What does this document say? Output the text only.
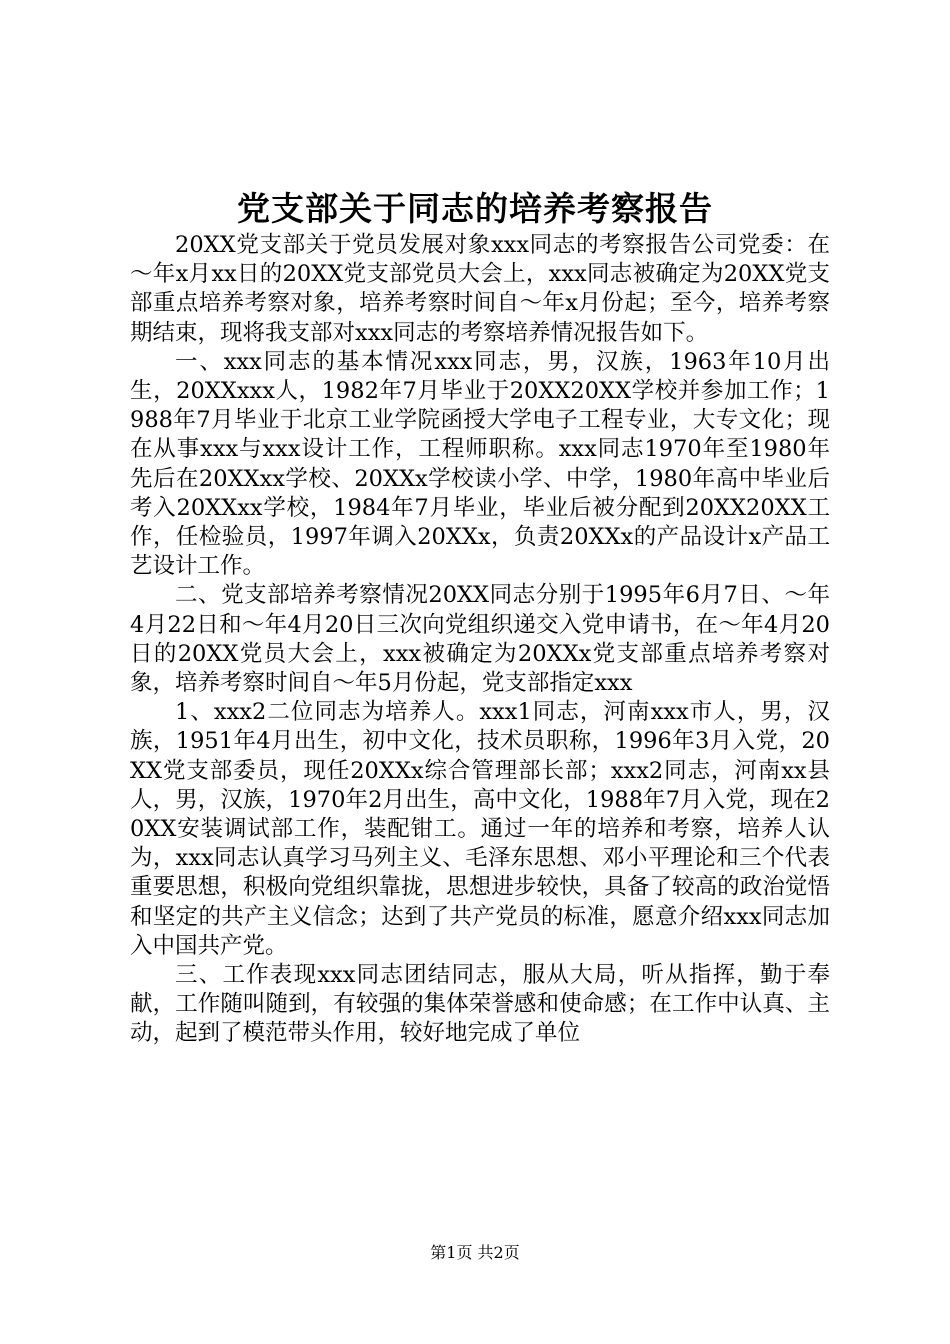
党支部关于同志的培养考察报告

20XX党支部关于党员发展对象xxx同志的考察报告公司党委：在～年x月xx日的20XX党支部党员大会上，xxx同志被确定为20XX党支部重点培养考察对象，培养考察时间自～年x月份起；至今，培养考察期结束，现将我支部对xxx同志的考察培养情况报告如下。

一、xxx同志的基本情况xxx同志，男，汉族，1963年10月出生，20XXxxx人，1982年7月毕业于20XX20XX学校并参加工作；1988年7月毕业于北京工业学院函授大学电子工程专业，大专文化；现在从事xxx与xxx设计工作，工程师职称。xxx同志1970年至1980年先后在20XXxx学校、20XXx学校读小学、中学，1980年高中毕业后考入20XXxx学校，1984年7月毕业，毕业后被分配到20XX20XX工作，任检验员，1997年调入20XXx，负责20XXx的产品设计x产品工艺设计工作。

二、党支部培养考察情况20XX同志分别于1995年6月7日、～年4月22日和～年4月20日三次向党组织递交入党申请书，在～年4月20日的20XX党员大会上，xxx被确定为20XXx党支部重点培养考察对象，培养考察时间自～年5月份起，党支部指定xxx

1、xxx2二位同志为培养人。xxx1同志，河南xxx市人，男，汉族，1951年4月出生，初中文化，技术员职称，1996年3月入党，20XX党支部委员，现任20XXx综合管理部长部；xxx2同志，河南xx县人，男，汉族，1970年2月出生，高中文化，1988年7月入党，现在20XX安装调试部工作，装配钳工。通过一年的培养和考察，培养人认为，xxx同志认真学习马列主义、毛泽东思想、邓小平理论和三个代表重要思想，积极向党组织靠拢，思想进步较快，具备了较高的政治觉悟和坚定的共产主义信念；达到了共产党员的标准，愿意介绍xxx同志加入中国共产党。

三、工作表现xxx同志团结同志，服从大局，听从指挥，勤于奉献，工作随叫随到，有较强的集体荣誉感和使命感；在工作中认真、主动，起到了模范带头作用，较好地完成了单位

第1页 共2页
